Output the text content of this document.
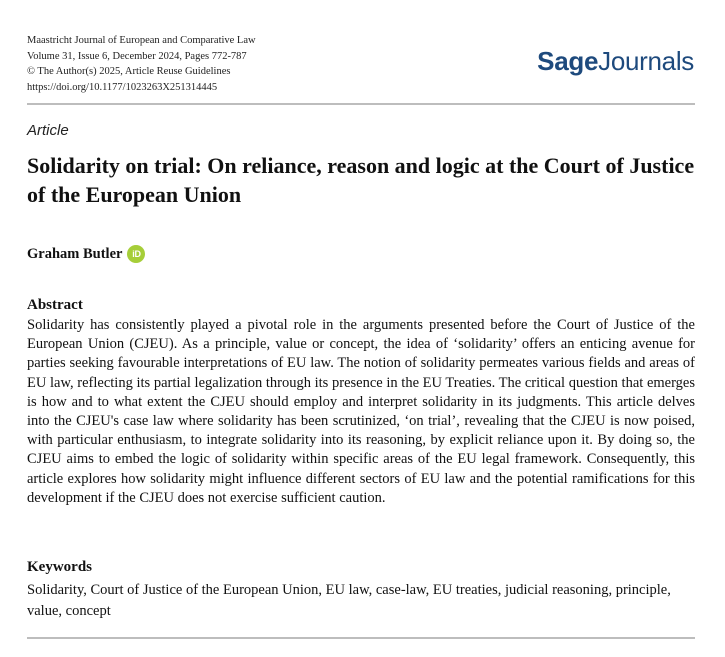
Maastricht Journal of European and Comparative Law
Volume 31, Issue 6, December 2024, Pages 772-787
© The Author(s) 2025, Article Reuse Guidelines
https://doi.org/10.1177/1023263X251314445
SageJournals
Article
Solidarity on trial: On reliance, reason and logic at the Court of Justice of the European Union
Graham Butler iD
Abstract

Solidarity has consistently played a pivotal role in the arguments presented before the Court of Justice of the European Union (CJEU). As a principle, value or concept, the idea of ‘solidarity’ offers an enticing avenue for parties seeking favourable interpretations of EU law. The notion of solidarity permeates various fields and areas of EU law, reflecting its partial legalization through its presence in the EU Treaties. The critical question that emerges is how and to what extent the CJEU should employ and interpret solidarity in its judgments. This article delves into the CJEU's case law where solidarity has been scrutinized, ‘on trial’, revealing that the CJEU is now poised, with particular enthusiasm, to integrate solidarity into its reasoning, by explicit reliance upon it. By doing so, the CJEU aims to embed the logic of solidarity within specific areas of the EU legal framework. Consequently, this article explores how solidarity might influence different sectors of EU law and the potential ramifications for this development if the CJEU does not exercise sufficient caution.

Keywords

Solidarity, Court of Justice of the European Union, EU law, case-law, EU treaties, judicial reasoning, principle, value, concept
